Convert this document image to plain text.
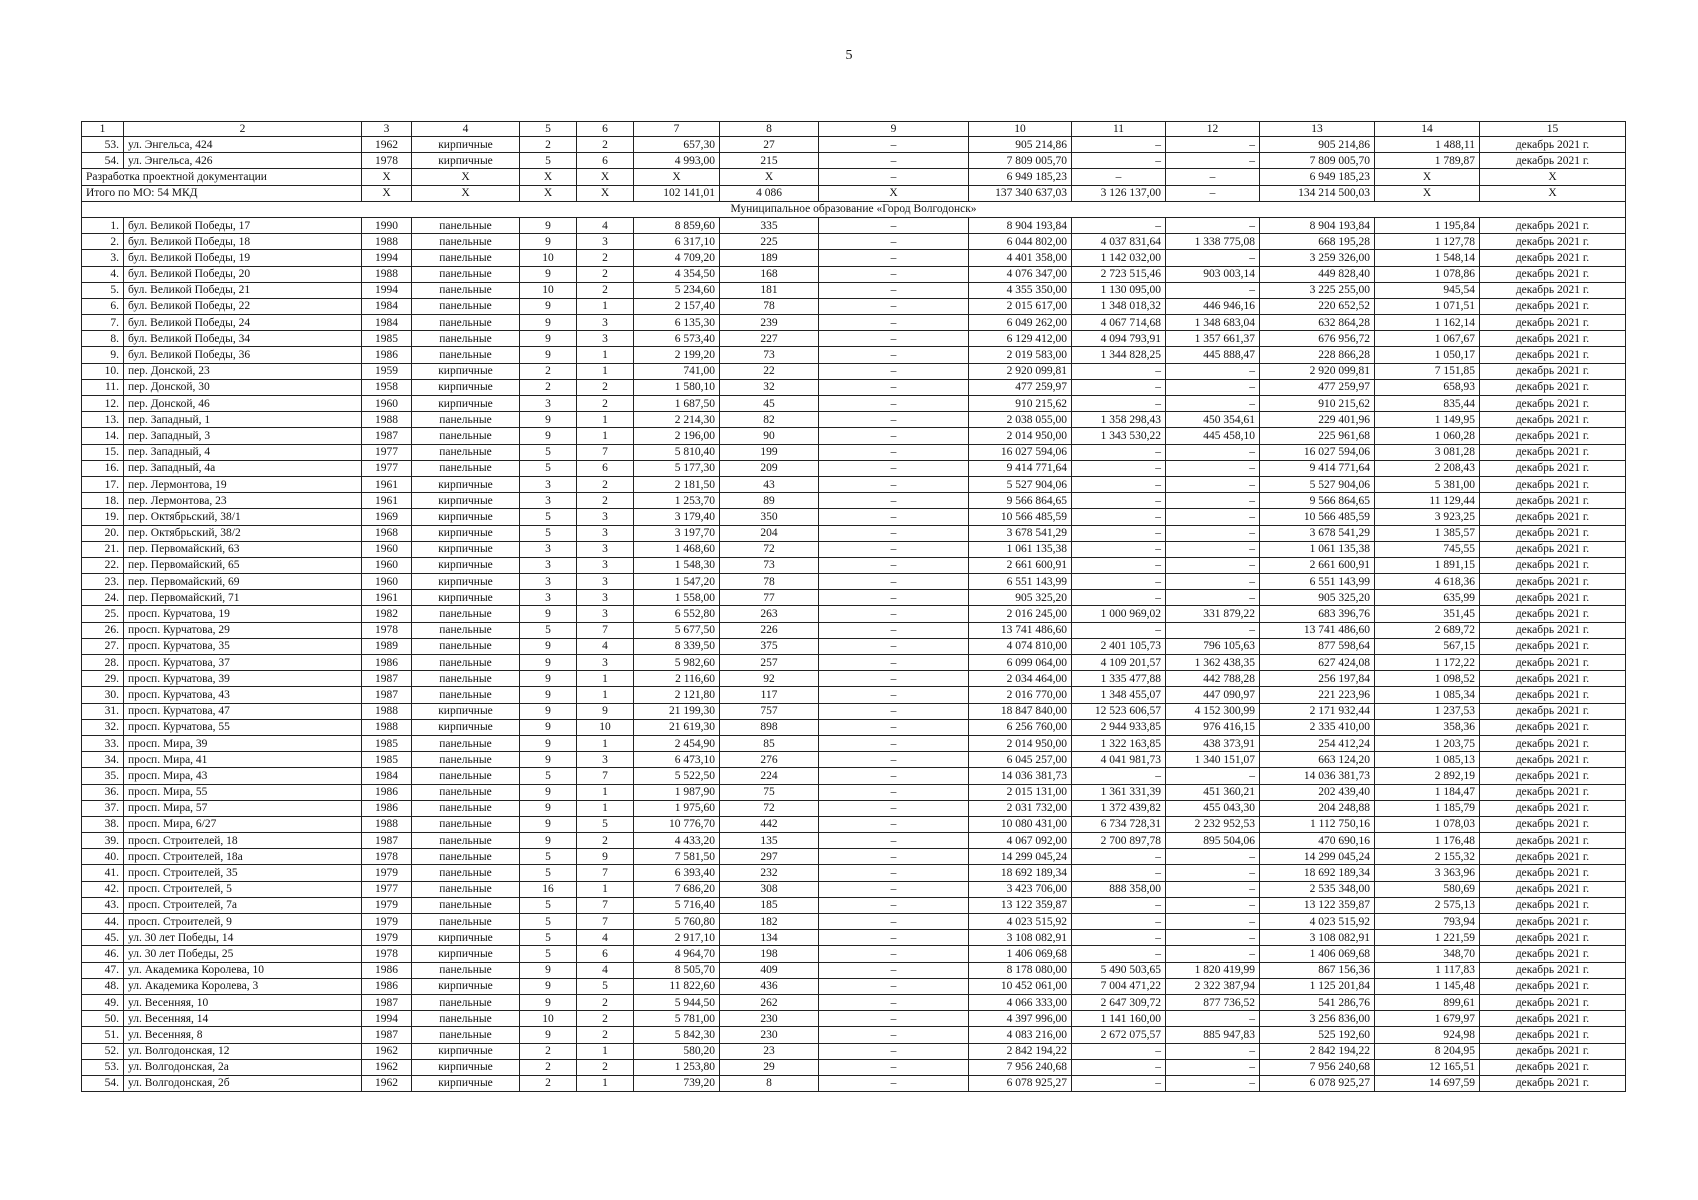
5
1	2	3	4	5	6	7	8	9	10	11	12	13	14	15
53.	ул. Энгельса, 424	1962	кирпичные	2	2	657,30	27	–	905 214,86	–	–	905 214,86	1 488,11	декабрь 2021 г.
54.	ул. Энгельса, 426	1978	кирпичные	5	6	4 993,00	215	–	7 809 005,70	–	–	7 809 005,70	1 789,87	декабрь 2021 г.
Разработка проектной документации		X	X	X	X	X	X	–	6 949 185,23	–	–	6 949 185,23	X	X
Итого по МО: 54 МКД		X	X	X	X	102 141,01	4 086	X	137 340 637,03	3 126 137,00	–	134 214 500,03	X	X
Муниципальное образование «Город Волгодонск»														
1.	бул. Великой Победы, 17	1990	панельные	9	4	8 859,60	335	–	8 904 193,84	–	–	8 904 193,84	1 195,84	декабрь 2021 г.
2.	бул. Великой Победы, 18	1988	панельные	9	3	6 317,10	225	–	6 044 802,00	4 037 831,64	1 338 775,08	668 195,28	1 127,78	декабрь 2021 г.
3.	бул. Великой Победы, 19	1994	панельные	10	2	4 709,20	189	–	4 401 358,00	1 142 032,00	–	3 259 326,00	1 548,14	декабрь 2021 г.
4.	бул. Великой Победы, 20	1988	панельные	9	2	4 354,50	168	–	4 076 347,00	2 723 515,46	903 003,14	449 828,40	1 078,86	декабрь 2021 г.
5.	бул. Великой Победы, 21	1994	панельные	10	2	5 234,60	181	–	4 355 350,00	1 130 095,00	–	3 225 255,00	945,54	декабрь 2021 г.
6.	бул. Великой Победы, 22	1984	панельные	9	1	2 157,40	78	–	2 015 617,00	1 348 018,32	446 946,16	220 652,52	1 071,51	декабрь 2021 г.
7.	бул. Великой Победы, 24	1984	панельные	9	3	6 135,30	239	–	6 049 262,00	4 067 714,68	1 348 683,04	632 864,28	1 162,14	декабрь 2021 г.
8.	бул. Великой Победы, 34	1985	панельные	9	3	6 573,40	227	–	6 129 412,00	4 094 793,91	1 357 661,37	676 956,72	1 067,67	декабрь 2021 г.
9.	бул. Великой Победы, 36	1986	панельные	9	1	2 199,20	73	–	2 019 583,00	1 344 828,25	445 888,47	228 866,28	1 050,17	декабрь 2021 г.
10.	пер. Донской, 23	1959	кирпичные	2	1	741,00	22	–	2 920 099,81	–	–	2 920 099,81	7 151,85	декабрь 2021 г.
11.	пер. Донской, 30	1958	кирпичные	2	2	1 580,10	32	–	477 259,97	–	–	477 259,97	658,93	декабрь 2021 г.
12.	пер. Донской, 46	1960	кирпичные	3	2	1 687,50	45	–	910 215,62	–	–	910 215,62	835,44	декабрь 2021 г.
13.	пер. Западный, 1	1988	панельные	9	1	2 214,30	82	–	2 038 055,00	1 358 298,43	450 354,61	229 401,96	1 149,95	декабрь 2021 г.
14.	пер. Западный, 3	1987	панельные	9	1	2 196,00	90	–	2 014 950,00	1 343 530,22	445 458,10	225 961,68	1 060,28	декабрь 2021 г.
15.	пер. Западный, 4	1977	панельные	5	7	5 810,40	199	–	16 027 594,06	–	–	16 027 594,06	3 081,28	декабрь 2021 г.
16.	пер. Западный, 4а	1977	панельные	5	6	5 177,30	209	–	9 414 771,64	–	–	9 414 771,64	2 208,43	декабрь 2021 г.
17.	пер. Лермонтова, 19	1961	кирпичные	3	2	2 181,50	43	–	5 527 904,06	–	–	5 527 904,06	5 381,00	декабрь 2021 г.
18.	пер. Лермонтова, 23	1961	кирпичные	3	2	1 253,70	89	–	9 566 864,65	–	–	9 566 864,65	11 129,44	декабрь 2021 г.
19.	пер. Октябрьский, 38/1	1969	кирпичные	5	3	3 179,40	350	–	10 566 485,59	–	–	10 566 485,59	3 923,25	декабрь 2021 г.
20.	пер. Октябрьский, 38/2	1968	кирпичные	5	3	3 197,70	204	–	3 678 541,29	–	–	3 678 541,29	1 385,57	декабрь 2021 г.
21.	пер. Первомайский, 63	1960	кирпичные	3	3	1 468,60	72	–	1 061 135,38	–	–	1 061 135,38	745,55	декабрь 2021 г.
22.	пер. Первомайский, 65	1960	кирпичные	3	3	1 548,30	73	–	2 661 600,91	–	–	2 661 600,91	1 891,15	декабрь 2021 г.
23.	пер. Первомайский, 69	1960	кирпичные	3	3	1 547,20	78	–	6 551 143,99	–	–	6 551 143,99	4 618,36	декабрь 2021 г.
24.	пер. Первомайский, 71	1961	кирпичные	3	3	1 558,00	77	–	905 325,20	–	–	905 325,20	635,99	декабрь 2021 г.
25.	просп. Курчатова, 19	1982	панельные	9	3	6 552,80	263	–	2 016 245,00	1 000 969,02	331 879,22	683 396,76	351,45	декабрь 2021 г.
26.	просп. Курчатова, 29	1978	панельные	5	7	5 677,50	226	–	13 741 486,60	–	–	13 741 486,60	2 689,72	декабрь 2021 г.
27.	просп. Курчатова, 35	1989	панельные	9	4	8 339,50	375	–	4 074 810,00	2 401 105,73	796 105,63	877 598,64	567,15	декабрь 2021 г.
28.	просп. Курчатова, 37	1986	панельные	9	3	5 982,60	257	–	6 099 064,00	4 109 201,57	1 362 438,35	627 424,08	1 172,22	декабрь 2021 г.
29.	просп. Курчатова, 39	1987	панельные	9	1	2 116,60	92	–	2 034 464,00	1 335 477,88	442 788,28	256 197,84	1 098,52	декабрь 2021 г.
30.	просп. Курчатова, 43	1987	панельные	9	1	2 121,80	117	–	2 016 770,00	1 348 455,07	447 090,97	221 223,96	1 085,34	декабрь 2021 г.
31.	просп. Курчатова, 47	1988	кирпичные	9	9	21 199,30	757	–	18 847 840,00	12 523 606,57	4 152 300,99	2 171 932,44	1 237,53	декабрь 2021 г.
32.	просп. Курчатова, 55	1988	кирпичные	9	10	21 619,30	898	–	6 256 760,00	2 944 933,85	976 416,15	2 335 410,00	358,36	декабрь 2021 г.
33.	просп. Мира, 39	1985	панельные	9	1	2 454,90	85	–	2 014 950,00	1 322 163,85	438 373,91	254 412,24	1 203,75	декабрь 2021 г.
34.	просп. Мира, 41	1985	панельные	9	3	6 473,10	276	–	6 045 257,00	4 041 981,73	1 340 151,07	663 124,20	1 085,13	декабрь 2021 г.
35.	просп. Мира, 43	1984	панельные	5	7	5 522,50	224	–	14 036 381,73	–	–	14 036 381,73	2 892,19	декабрь 2021 г.
36.	просп. Мира, 55	1986	панельные	9	1	1 987,90	75	–	2 015 131,00	1 361 331,39	451 360,21	202 439,40	1 184,47	декабрь 2021 г.
37.	просп. Мира, 57	1986	панельные	9	1	1 975,60	72	–	2 031 732,00	1 372 439,82	455 043,30	204 248,88	1 185,79	декабрь 2021 г.
38.	просп. Мира, 6/27	1988	панельные	9	5	10 776,70	442	–	10 080 431,00	6 734 728,31	2 232 952,53	1 112 750,16	1 078,03	декабрь 2021 г.
39.	просп. Строителей, 18	1987	панельные	9	2	4 433,20	135	–	4 067 092,00	2 700 897,78	895 504,06	470 690,16	1 176,48	декабрь 2021 г.
40.	просп. Строителей, 18а	1978	панельные	5	9	7 581,50	297	–	14 299 045,24	–	–	14 299 045,24	2 155,32	декабрь 2021 г.
41.	просп. Строителей, 35	1979	панельные	5	7	6 393,40	232	–	18 692 189,34	–	–	18 692 189,34	3 363,96	декабрь 2021 г.
42.	просп. Строителей, 5	1977	панельные	16	1	7 686,20	308	–	3 423 706,00	888 358,00	–	2 535 348,00	580,69	декабрь 2021 г.
43.	просп. Строителей, 7а	1979	панельные	5	7	5 716,40	185	–	13 122 359,87	–	–	13 122 359,87	2 575,13	декабрь 2021 г.
44.	просп. Строителей, 9	1979	панельные	5	7	5 760,80	182	–	4 023 515,92	–	–	4 023 515,92	793,94	декабрь 2021 г.
45.	ул. 30 лет Победы, 14	1979	кирпичные	5	4	2 917,10	134	–	3 108 082,91	–	–	3 108 082,91	1 221,59	декабрь 2021 г.
46.	ул. 30 лет Победы, 25	1978	кирпичные	5	6	4 964,70	198	–	1 406 069,68	–	–	1 406 069,68	348,70	декабрь 2021 г.
47.	ул. Академика Королева, 10	1986	панельные	9	4	8 505,70	409	–	8 178 080,00	5 490 503,65	1 820 419,99	867 156,36	1 117,83	декабрь 2021 г.
48.	ул. Академика Королева, 3	1986	кирпичные	9	5	11 822,60	436	–	10 452 061,00	7 004 471,22	2 322 387,94	1 125 201,84	1 145,48	декабрь 2021 г.
49.	ул. Весенняя, 10	1987	панельные	9	2	5 944,50	262	–	4 066 333,00	2 647 309,72	877 736,52	541 286,76	899,61	декабрь 2021 г.
50.	ул. Весенняя, 14	1994	панельные	10	2	5 781,00	230	–	4 397 996,00	1 141 160,00	–	3 256 836,00	1 679,97	декабрь 2021 г.
51.	ул. Весенняя, 8	1987	панельные	9	2	5 842,30	230	–	4 083 216,00	2 672 075,57	885 947,83	525 192,60	924,98	декабрь 2021 г.
52.	ул. Волгодонская, 12	1962	кирпичные	2	1	580,20	23	–	2 842 194,22	–	–	2 842 194,22	8 204,95	декабрь 2021 г.
53.	ул. Волгодонская, 2а	1962	кирпичные	2	2	1 253,80	29	–	7 956 240,68	–	–	7 956 240,68	12 165,51	декабрь 2021 г.
54.	ул. Волгодонская, 2б	1962	кирпичные	2	1	739,20	8	–	6 078 925,27	–	–	6 078 925,27	14 697,59	декабрь 2021 г.
